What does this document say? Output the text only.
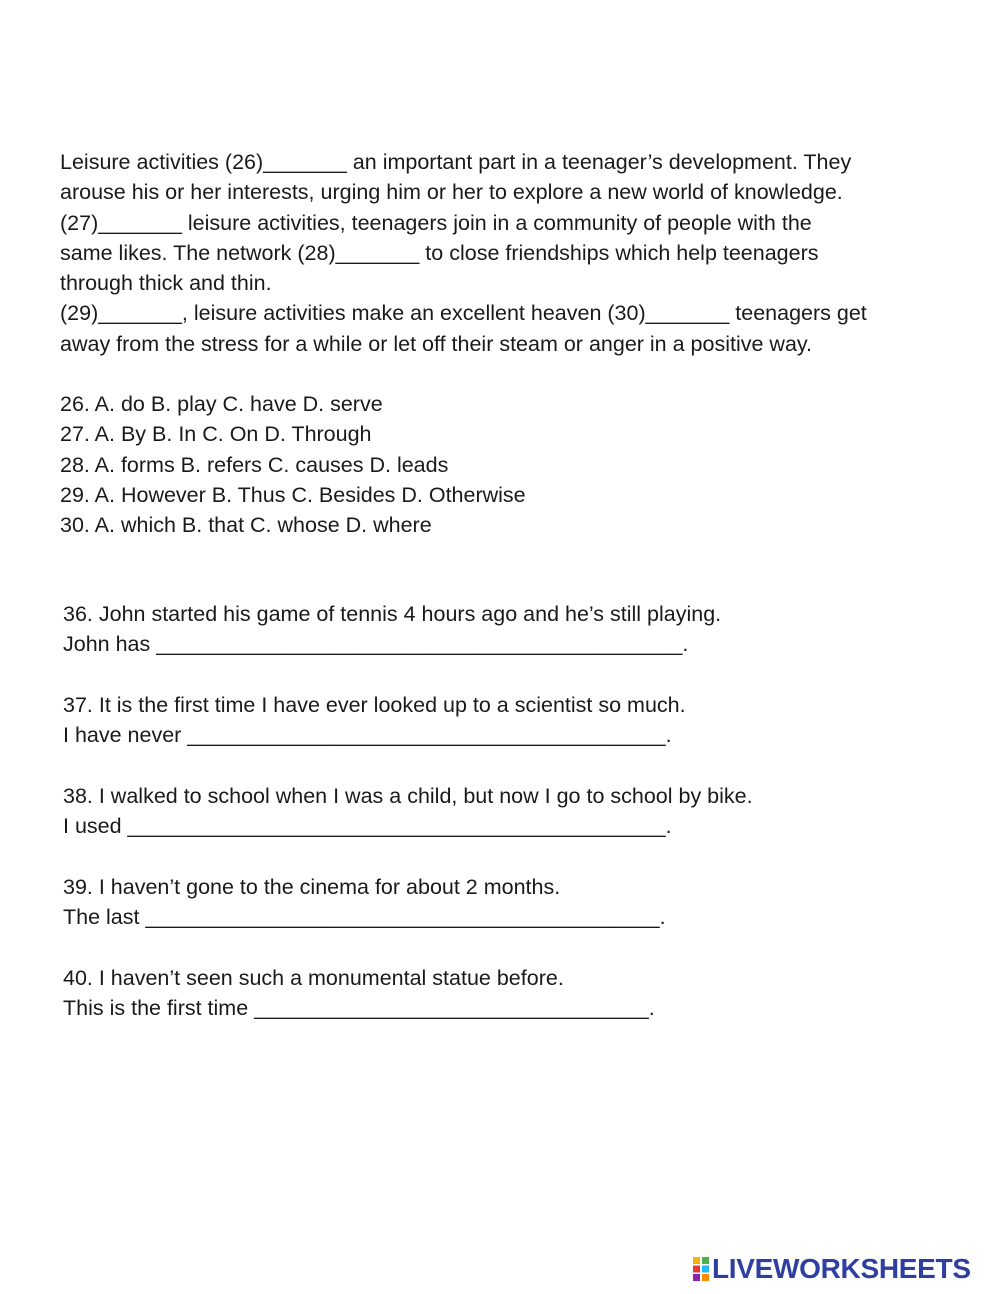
Leisure activities (26)_______ an important part in a teenager’s development. They
arouse his or her interests, urging him or her to explore a new world of knowledge.
(27)_______ leisure activities, teenagers join in a community of people with the
same likes. The network (28)_______ to close friendships which help teenagers
through thick and thin.
(29)_______, leisure activities make an excellent heaven (30)_______ teenagers get
away from the stress for a while or let off their steam or anger in a positive way.
26. A. do B. play C. have D. serve
27. A. By B. In C. On D. Through
28. A. forms B. refers C. causes D. leads
29. A. However B. Thus C. Besides D. Otherwise
30. A. which B. that C. whose D. where
36. John started his game of tennis 4 hours ago and he’s still playing.
John has ____________________________________________.
37. It is the first time I have ever looked up to a scientist so much.
I have never ________________________________________.
38. I walked to school when I was a child, but now I go to school by bike.
I used _____________________________________________.
39. I haven’t gone to the cinema for about 2 months.
The last ___________________________________________.
40. I haven’t seen such a monumental statue before.
This is the first time _________________________________.
LIVEWORKSHEETS
